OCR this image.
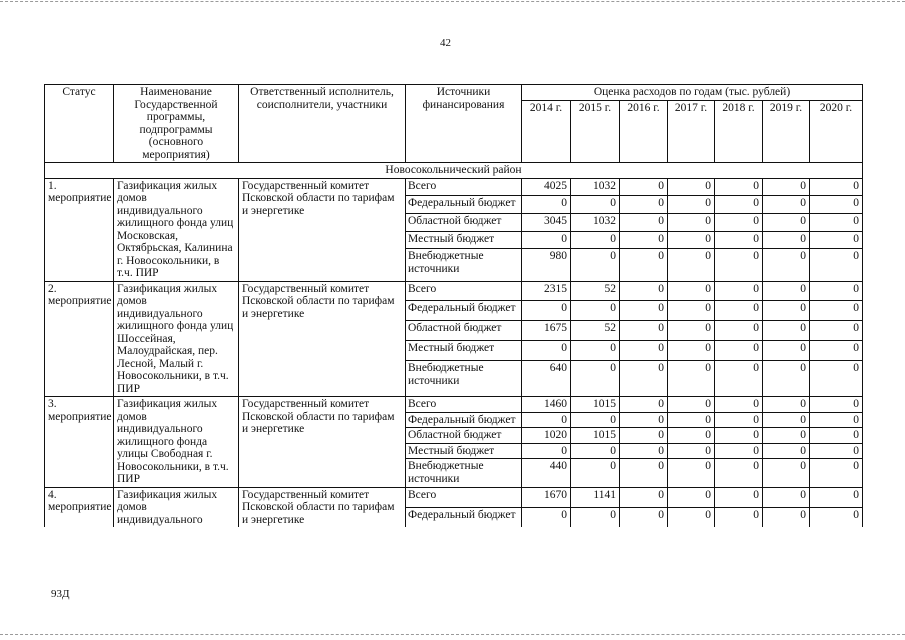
42
Статус	Наименование Государственной программы, подпрограммы (основного мероприятия)	Ответственный исполнитель, соисполнители, участники	Источники финансирования	Оценка расходов по годам (тыс. рублей)						
				2014 г.	2015 г.	2016 г.	2017 г.	2018 г.	2019 г.	2020 г.
Новосокольнический район										
1. мероприятие	Газификация жилых домов индивидуального жилищного фонда улиц Московская, Октябрьская, Калинина г. Новосокольники, в т.ч. ПИР	Государственный комитет Псковской области по тарифам и энергетике	Всего	4025	1032	0	0	0	0	0
			Федеральный бюджет	0	0	0	0	0	0	0
			Областной бюджет	3045	1032	0	0	0	0	0
			Местный бюджет	0	0	0	0	0	0	0
			Внебюджетные источники	980	0	0	0	0	0	0
2. мероприятие	Газификация жилых домов индивидуального жилищного фонда улиц Шоссейная, Малоудрайская, пер. Лесной, Малый г. Новосокольники, в т.ч. ПИР	Государственный комитет Псковской области по тарифам и энергетике	Всего	2315	52	0	0	0	0	0
			Федеральный бюджет	0	0	0	0	0	0	0
			Областной бюджет	1675	52	0	0	0	0	0
			Местный бюджет	0	0	0	0	0	0	0
			Внебюджетные источники	640	0	0	0	0	0	0
3. мероприятие	Газификация жилых домов индивидуального жилищного фонда улицы Свободная г. Новосокольники, в т.ч. ПИР	Государственный комитет Псковской области по тарифам и энергетике	Всего	1460	1015	0	0	0	0	0
			Федеральный бюджет	0	0	0	0	0	0	0
			Областной бюджет	1020	1015	0	0	0	0	0
			Местный бюджет	0	0	0	0	0	0	0
			Внебюджетные источники	440	0	0	0	0	0	0
4. мероприятие	Газификация жилых домов индивидуального	Государственный комитет Псковской области по тарифам и энергетике	Всего	1670	1141	0	0	0	0	0
			Федеральный бюджет	0	0	0	0	0	0	0
93Д
